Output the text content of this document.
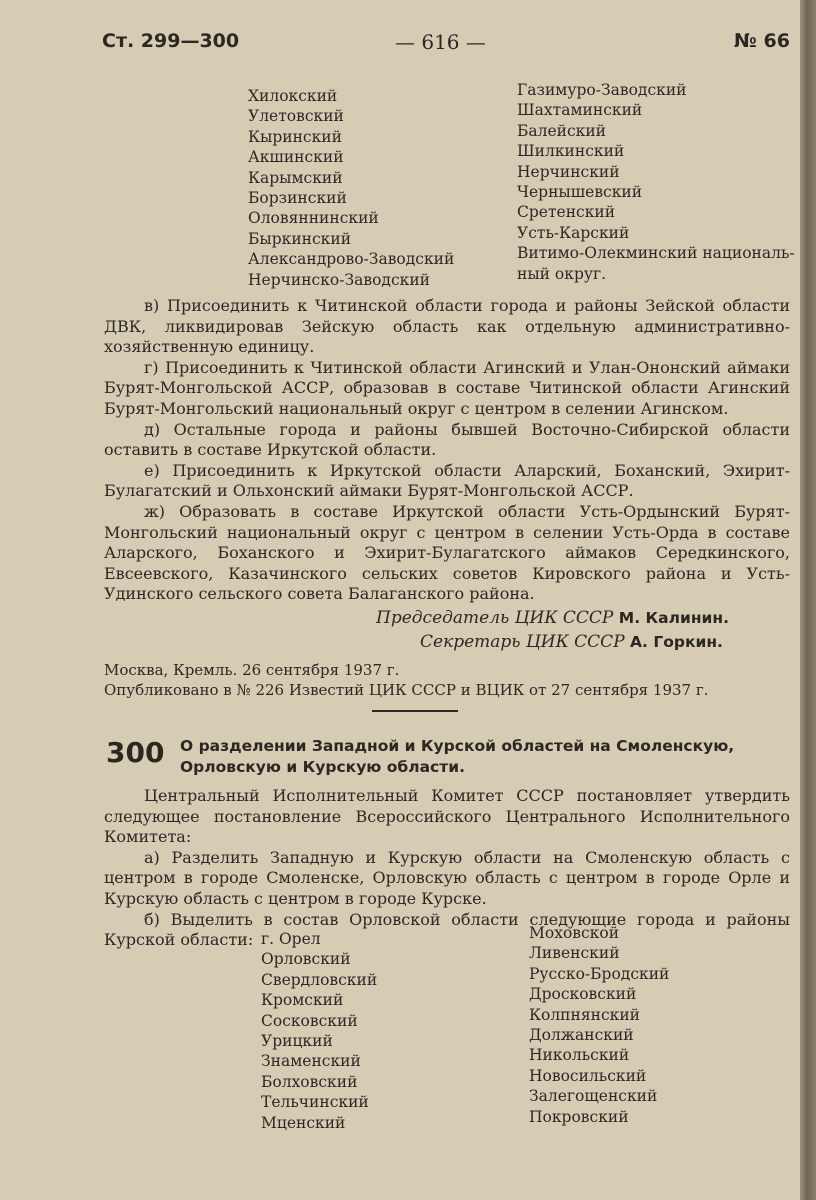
Ст. 299—300	— 616 —	№ 66
Хилокский
Улетовский
Кыринский
Акшинский
Карымский
Борзинский
Оловяннинский
Быркинский
Александрово-Заводский
Нерчинско-Заводский
Газимуро-Заводский
Шахтаминский
Балейский
Шилкинский
Нерчинский
Чернышевский
Сретенский
Усть-Карский
Витимо-Олекминский националь-
ный округ.

в) Присоединить к Читинской области города и районы Зейской области ДВК, ликвидировав Зейскую область как отдельную административно-хозяйственную единицу.

г) Присоединить к Читинской области Агинский и Улан-Ононский аймаки Бурят-Монгольской АССР, образовав в составе Читинской области Агинский Бурят-Монгольский национальный округ с центром в селении Агинском.

д) Остальные города и районы бывшей Восточно-Сибирской области оставить в составе Иркутской области.

е) Присоединить к Иркутской области Аларский, Боханский, Эхирит-Булагатский и Ольхонский аймаки Бурят-Монгольской АССР.

ж) Образовать в составе Иркутской области Усть-Ордынский Бурят-Монгольский национальный округ с центром в селении Усть-Орда в составе Аларского, Боханского и Эхирит-Булагатского аймаков Середкинского, Евсеевского, Казачинского сельских советов Кировского района и Усть-Удинского сельского совета Балаганского района.

Председатель ЦИК СССР М. Калинин.
Секретарь ЦИК СССР А. Горкин.
Москва, Кремль. 26 сентября 1937 г.
Опубликовано в № 226 Известий ЦИК СССР и ВЦИК от 27 сентября 1937 г.
300 О разделении Западной и Курской областей на Смоленскую, Орловскую и Курскую области.

Центральный Исполнительный Комитет СССР постановляет утвердить следующее постановление Всероссийского Центрального Исполнительного Комитета:

а) Разделить Западную и Курскую области на Смоленскую область с центром в городе Смоленске, Орловскую область с центром в городе Орле и Курскую область с центром в городе Курске.

б) Выделить в состав Орловской области следующие города и районы Курской области: г. Орел
Орловский
Свердловский
Кромский
Сосковский
Урицкий
Знаменский
Болховский
Тельчинский
Мценский
Моховской
Ливенский
Русско-Бродский
Дросковский
Колпнянский
Должанский
Никольский
Новосильский
Залегощенский
Покровский
